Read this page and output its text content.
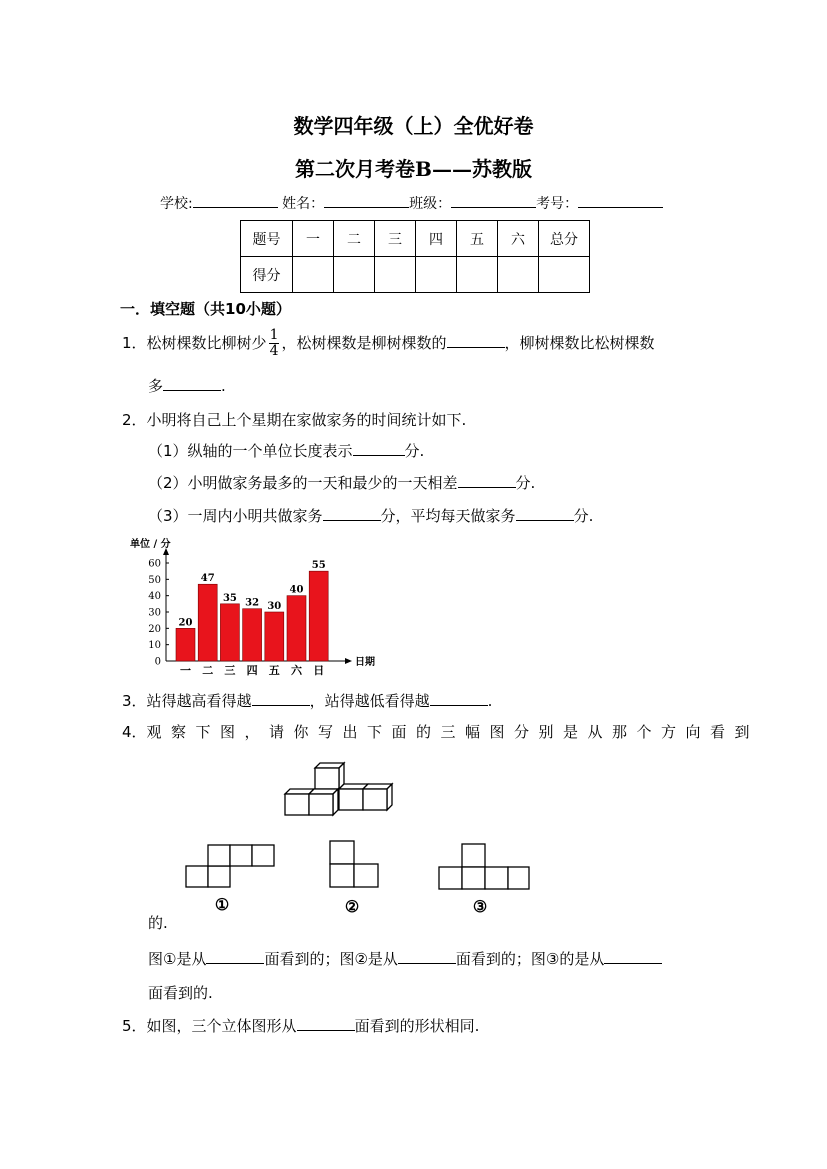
数学四年级（上）全优好卷
第二次月考卷B——苏教版
学校:	姓名：	班级：	考号：
题号	一	二	三	四	五	六	总分
得分							
一．填空题（共10小题）
1．松树棵数比柳树少 $\frac{1}{4}$ ，松树棵数是柳树棵数的	，柳树棵数比松树棵数
多	.
2．小明将自己上个星期在家做家务的时间统计如下.
（1）纵轴的一个单位长度表示	分.
（2）小明做家务最多的一天和最少的一天相差	分.
（3）一周内小明共做家务	分，平均每天做家务	分.
单位 / 分
日期
0
10
20
30
40
50
60
20
一
47
二
35
三
32
四
30
五
40
六
55
日
3．站得越高看得越	，站得越低看得越	.
4．观察下图，请你写出下面的三幅图分别是从那个方向看到
①	②	③
的.
图①是从	面看到的；图②是从	面看到的；图③的是从
面看到的.
5．如图，三个立体图形从	面看到的形状相同.
